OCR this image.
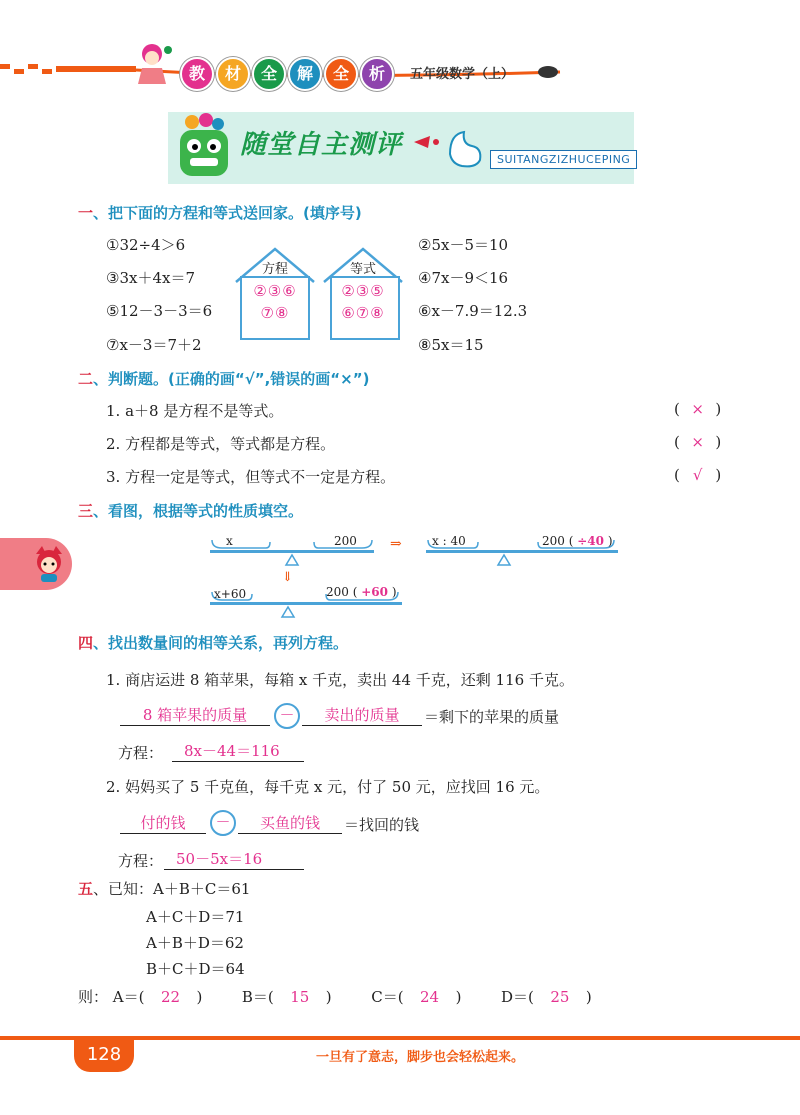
教	材	全	解	全	析	五年级数学（上）
随堂自主测评	SUITANGZIZHUCEPING
一、把下面的方程和等式送回家。(填序号)
①32÷4＞6
③3x＋4x＝7
⑤12－3－3＝6
⑦x－3＝7＋2
②5x－5＝10
④7x－9＜16
⑥x－7.9＝12.3
⑧5x＝15
方程
②③⑥
⑦⑧
等式
②③⑤
⑥⑦⑧
二、判断题。(正确的画“√”,错误的画“×”)
1. a＋8 是方程不是等式。	( × )
2. 方程都是等式，等式都是方程。	( × )
3. 方程一定是等式，但等式不一定是方程。	( √ )
三、看图，根据等式的性质填空。
x	200 ⇒	x : 40	200 ( ÷40 )
⇓
x+60	200 ( +60 )
四、找出数量间的相等关系，再列方程。
1. 商店运进 8 箱苹果，每箱 x 千克，卖出 44 千克，还剩 116 千克。
8 箱苹果的质量	－	卖出的质量	＝剩下的苹果的质量
方程：	8x－44＝116
2. 妈妈买了 5 千克鱼，每千克 x 元，付了 50 元，应找回 16 元。
付的钱	－	买鱼的钱	＝找回的钱
方程： 50－5x＝16
五、已知：A＋B＋C＝61
A＋C＋D＝71
A＋B＋D＝62
B＋C＋D＝64
则： A＝( 22 )	B＝( 15 )	C＝( 24 )	D＝( 25 )
128	一旦有了意志，脚步也会轻松起来。
